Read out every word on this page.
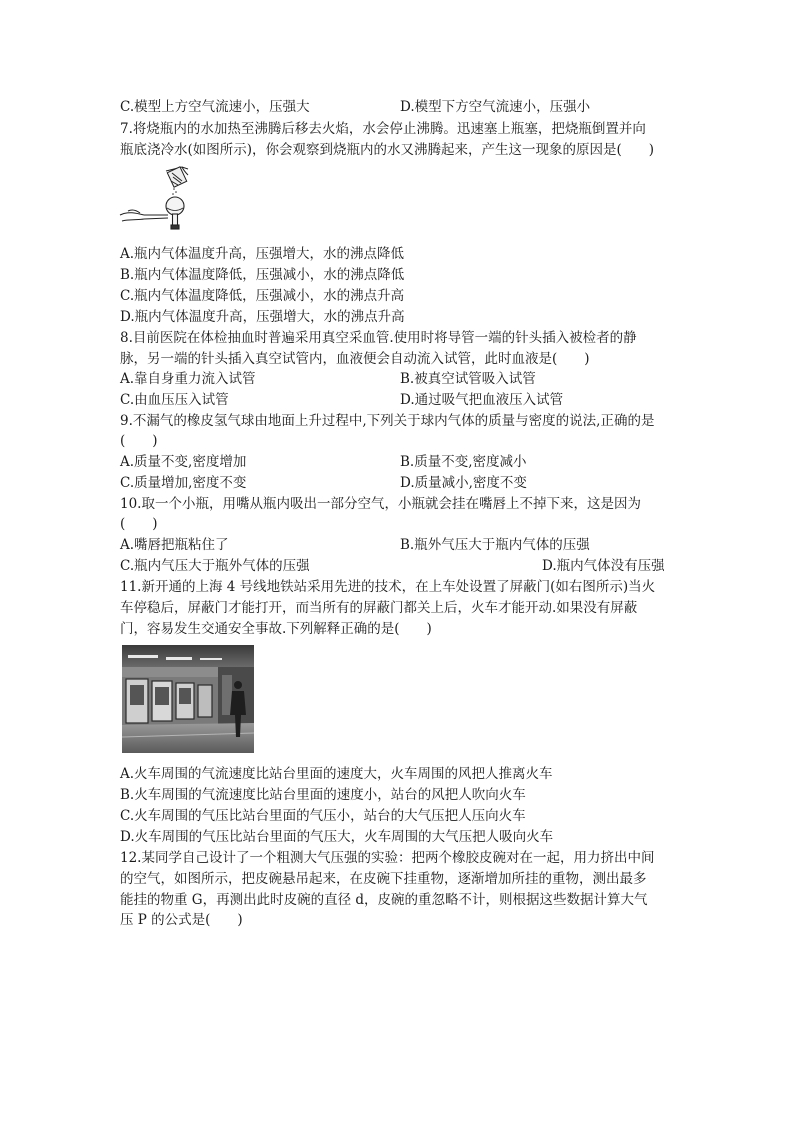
C.模型上方空气流速小，压强大	D.模型下方空气流速小，压强小
7.将烧瓶内的水加热至沸腾后移去火焰，水会停止沸腾。迅速塞上瓶塞，把烧瓶倒置并向
瓶底浇冷水(如图所示)，你会观察到烧瓶内的水又沸腾起来，产生这一现象的原因是(　　)
A.瓶内气体温度升高，压强增大，水的沸点降低
B.瓶内气体温度降低，压强减小，水的沸点降低
C.瓶内气体温度降低，压强减小，水的沸点升高
D.瓶内气体温度升高，压强增大，水的沸点升高
8.目前医院在体检抽血时普遍采用真空采血管.使用时将导管一端的针头插入被检者的静
脉，另一端的针头插入真空试管内，血液便会自动流入试管，此时血液是(　　)
A.靠自身重力流入试管	B.被真空试管吸入试管
C.由血压压入试管	D.通过吸气把血液压入试管
9.不漏气的橡皮氢气球由地面上升过程中,下列关于球内气体的质量与密度的说法,正确的是
(　　)
A.质量不变,密度增加	B.质量不变,密度减小
C.质量增加,密度不变	D.质量减小,密度不变
10.取一个小瓶，用嘴从瓶内吸出一部分空气，小瓶就会挂在嘴唇上不掉下来，这是因为
(　　)
A.嘴唇把瓶粘住了	B.瓶外气压大于瓶内气体的压强
C.瓶内气压大于瓶外气体的压强	D.瓶内气体没有压强
11.新开通的上海 4 号线地铁站采用先进的技术，在上车处设置了屏蔽门(如右图所示)当火
车停稳后，屏蔽门才能打开，而当所有的屏蔽门都关上后，火车才能开动.如果没有屏蔽
门，容易发生交通安全事故.下列解释正确的是(　　)
A.火车周围的气流速度比站台里面的速度大，火车周围的风把人推离火车
B.火车周围的气流速度比站台里面的速度小，站台的风把人吹向火车
C.火车周围的气压比站台里面的气压小，站台的大气压把人压向火车
D.火车周围的气压比站台里面的气压大，火车周围的大气压把人吸向火车
12.某同学自己设计了一个粗测大气压强的实验：把两个橡胶皮碗对在一起，用力挤出中间
的空气，如图所示，把皮碗悬吊起来，在皮碗下挂重物，逐渐增加所挂的重物，测出最多
能挂的物重 G，再测出此时皮碗的直径 d，皮碗的重忽略不计，则根据这些数据计算大气
压 P 的公式是(　　)
